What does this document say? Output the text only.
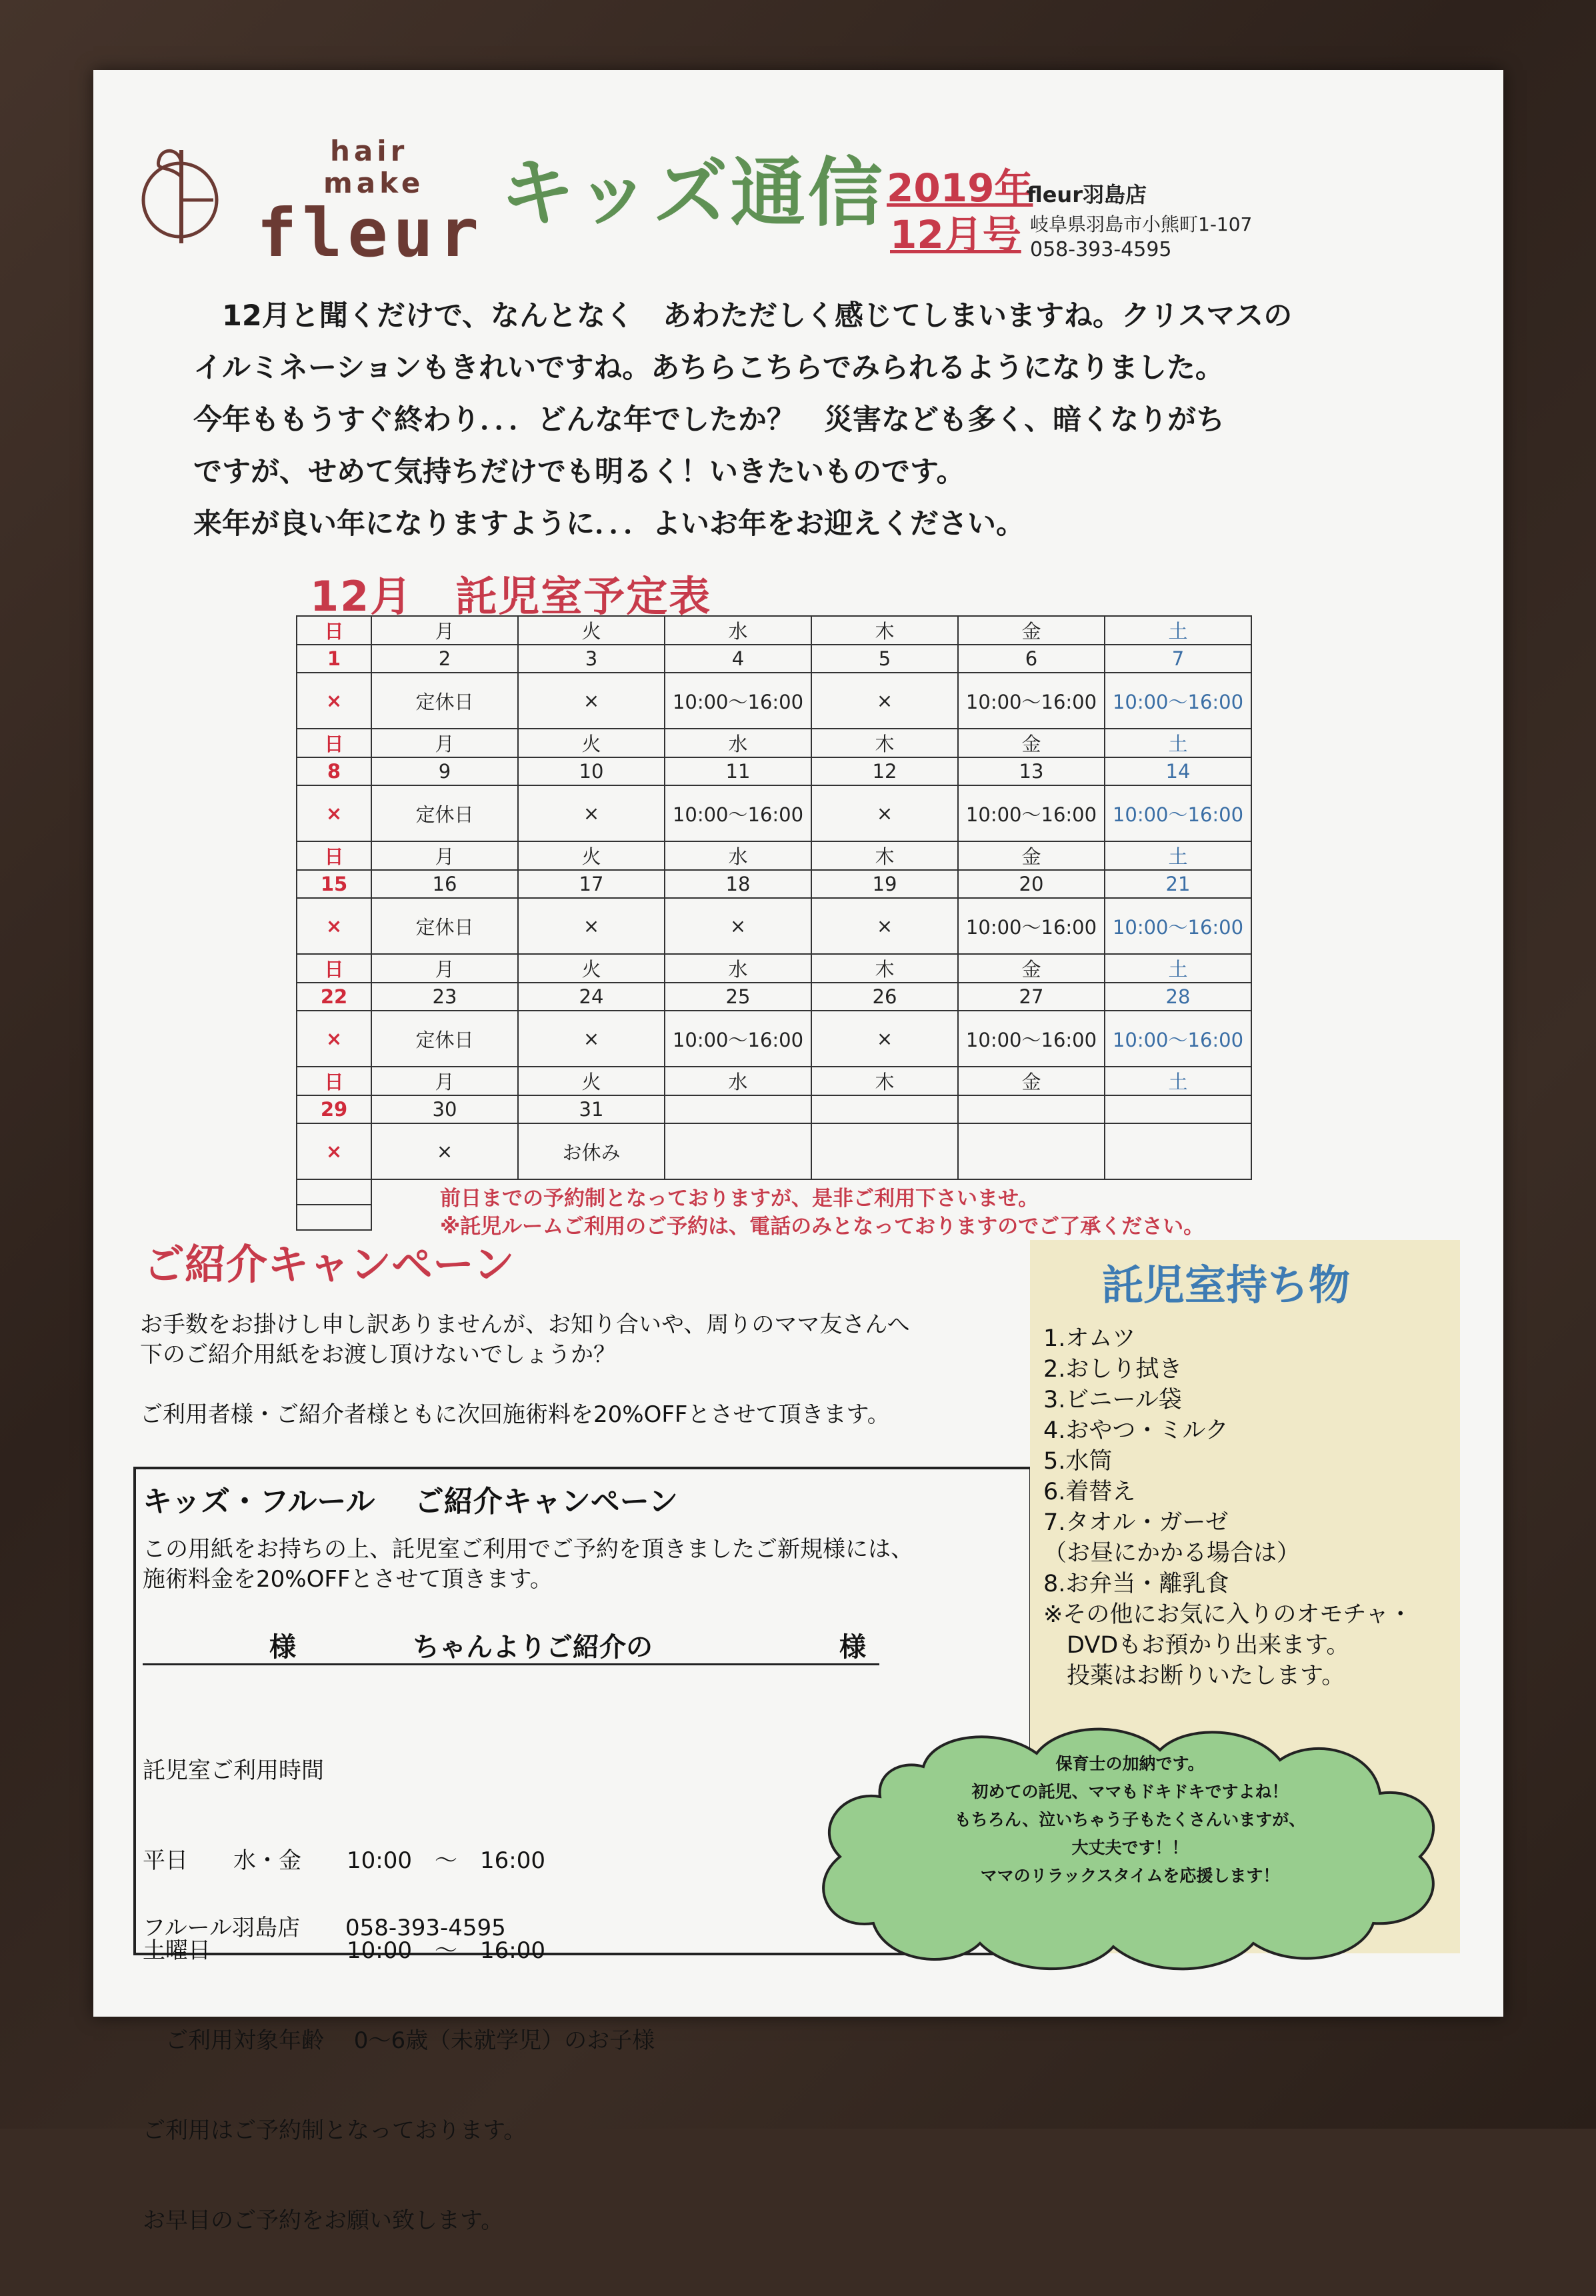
hair
make
fleur キッズ通信 2019年
12月号
fleur羽島店
岐阜県羽島市小熊町1-107
058-393-4595

　12月と聞くだけで、なんとなく　あわただしく感じてしまいますね。クリスマスの

イルミネーションもきれいですね。あちらこちらでみられるようになりました。

今年ももうすぐ終わり．．．どんな年でしたか？　災害なども多く、暗くなりがち

ですが、せめて気持ちだけでも明るく！いきたいものです。

来年が良い年になりますように．．．よいお年をお迎えください。

12月　託児室予定表
日	月	火	水	木	金	土
1	2	3	4	5	6	7
×	定休日	×	10:00～16:00	×	10:00～16:00	10:00～16:00
日	月	火	水	木	金	土
8	9	10	11	12	13	14
×	定休日	×	10:00～16:00	×	10:00～16:00	10:00～16:00
日	月	火	水	木	金	土
15	16	17	18	19	20	21
×	定休日	×	×	×	10:00～16:00	10:00～16:00
日	月	火	水	木	金	土
22	23	24	25	26	27	28
×	定休日	×	10:00～16:00	×	10:00～16:00	10:00～16:00
日	月	火	水	木	金	土
29	30	31				
×	×	お休み				

前日までの予約制となっておりますが、是非ご利用下さいませ。
※託児ルームご利用のご予約は、電話のみとなっておりますのでご了承ください。
ご紹介キャンペーン

お手数をお掛けし申し訳ありませんが、お知り合いや、周りのママ友さんへ
下のご紹介用紙をお渡し頂けないでしょうか？

ご利用者様・ご紹介者様ともに次回施術料を20%OFFとさせて頂きます。

キッズ・フルール　 ご紹介キャンペーン
この用紙をお持ちの上、託児室ご利用でご予約を頂きましたご新規様には、
施術料金を20%OFFとさせて頂きます。
様	ちゃんよりご紹介の	様

託児室ご利用時間

平日　　水・金　　10:00　～　16:00

土曜日　　　　　　10:00　～　16:00

　ご利用対象年齢　 0～6歳（未就学児）のお子様

ご利用はご予約制となっております。

お早目のご予約をお願い致します。

フルール羽島店　　058-393-4595
託児室持ち物
1.オムツ
2.おしり拭き
3.ビニール袋
4.おやつ・ミルク
5.水筒
6.着替え
7.タオル・ガーゼ
（お昼にかかる場合は）
8.お弁当・離乳食
※その他にお気に入りのオモチャ・
　DVDもお預かり出来ます。
　投薬はお断りいたします。
保育士の加納です。
初めての託児、ママもドキドキですよね！
もちろん、泣いちゃう子もたくさんいますが、
大丈夫です！！
ママのリラックスタイムを応援します！
